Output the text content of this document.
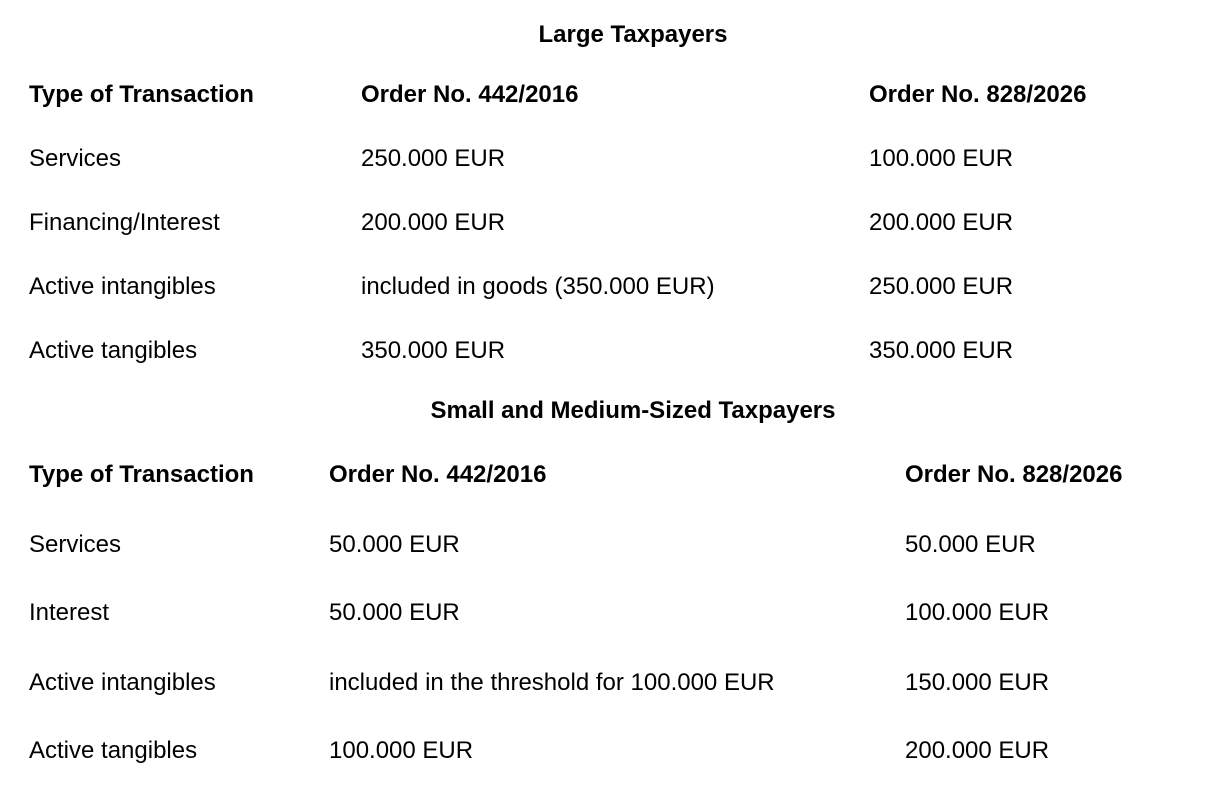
Large Taxpayers
Type of Transaction	Order No. 442/2016	Order No. 828/2026
Services	250.000 EUR	100.000 EUR
Financing/Interest	200.000 EUR	200.000 EUR
Active intangibles	included in goods (350.000 EUR)	250.000 EUR
Active tangibles	350.000 EUR	350.000 EUR
Small and Medium-Sized Taxpayers
Type of Transaction	Order No. 442/2016	Order No. 828/2026
Services	50.000 EUR	50.000 EUR
Interest	50.000 EUR	100.000 EUR
Active intangibles	included in the threshold for 100.000 EUR	150.000 EUR
Active tangibles	100.000 EUR	200.000 EUR
